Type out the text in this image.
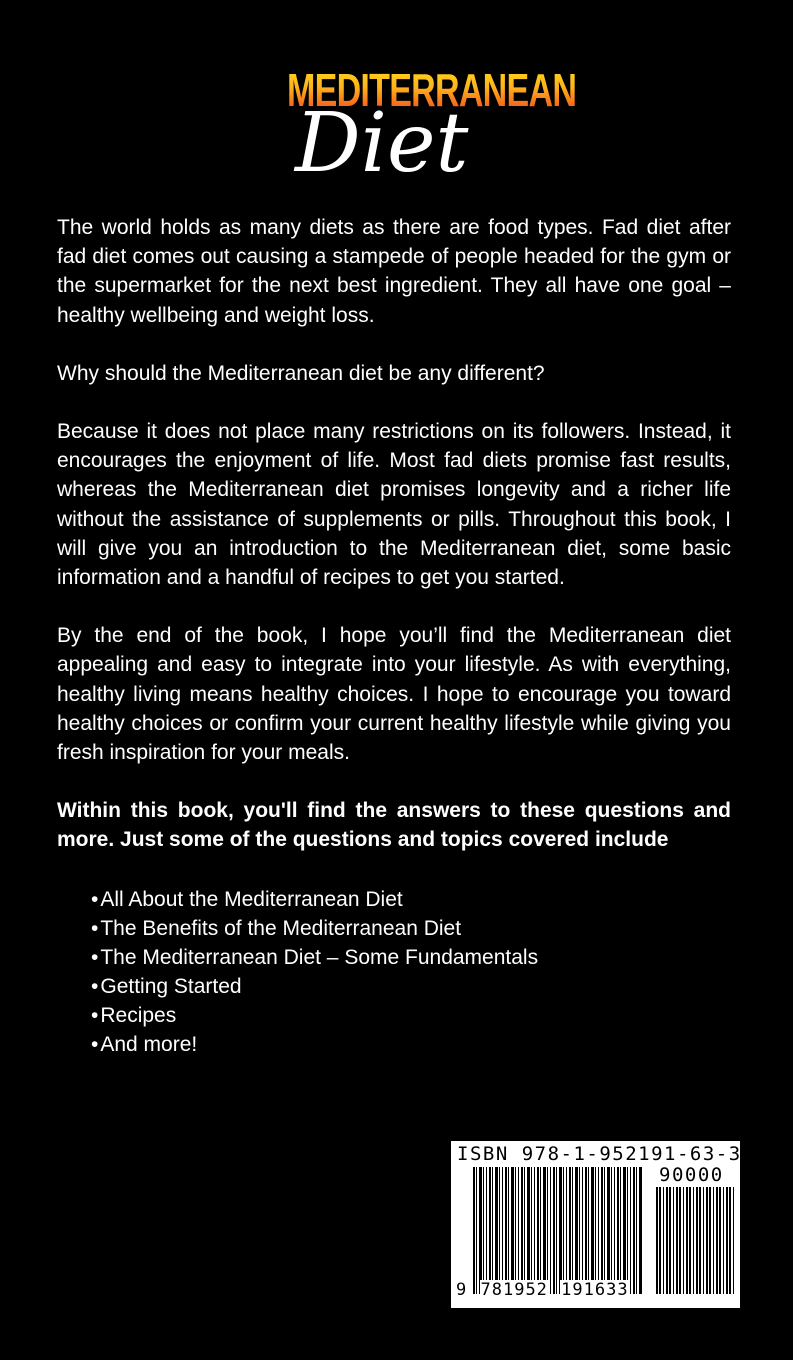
MEDITERRANEAN
Diet

The world holds as many diets as there are food types. Fad diet after fad diet comes out causing a stampede of people headed for the gym or the supermarket for the next best ingredient. They all have one goal – healthy wellbeing and weight loss.

Why should the Mediterranean diet be any different?

Because it does not place many restrictions on its followers. Instead, it encourages the enjoyment of life. Most fad diets promise fast results, whereas the Mediterranean diet promises longevity and a richer life without the assistance of supplements or pills. Throughout this book, I will give you an introduction to the Mediterranean diet, some basic information and a handful of recipes to get you started.

By the end of the book, I hope you’ll find the Mediterranean diet appealing and easy to integrate into your lifestyle. As with everything, healthy living means healthy choices. I hope to encourage you toward healthy choices or confirm your current healthy lifestyle while giving you fresh inspiration for your meals.

Within this book, you'll find the answers to these questions and more. Just some of the questions and topics covered include

•All About the Mediterranean Diet
•The Benefits of the Mediterranean Diet
•The Mediterranean Diet – Some Fundamentals
•Getting Started
•Recipes
•And more!
ISBN 978-1-952191-63-3
90000
9 781952 191633
